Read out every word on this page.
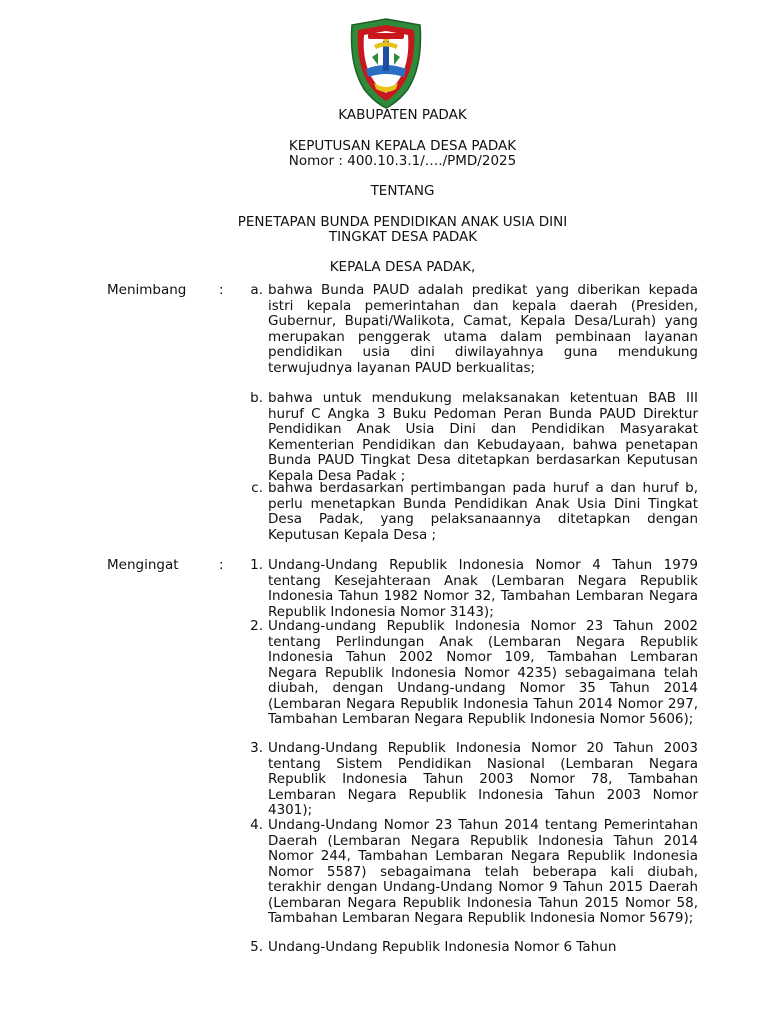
KABUPATEN PADAK
KEPUTUSAN KEPALA DESA PADAK
Nomor : 400.10.3.1/…./PMD/2025
TENTANG
PENETAPAN BUNDA PENDIDIKAN ANAK USIA DINI
TINGKAT DESA PADAK
KEPALA DESA PADAK,
Menimbang :	a. bahwa Bunda PAUD adalah predikat yang diberikan kepada istri kepala pemerintahan dan kepala daerah (Presiden, Gubernur, Bupati/Walikota, Camat, Kepala Desa/Lurah) yang merupakan penggerak utama dalam pembinaan layanan pendidikan usia dini diwilayahnya guna mendukung terwujudnya layanan PAUD berkualitas;
b. bahwa untuk mendukung melaksanakan ketentuan BAB III huruf C Angka 3 Buku Pedoman Peran Bunda PAUD Direktur Pendidikan Anak Usia Dini dan Pendidikan Masyarakat Kementerian Pendidikan dan Kebudayaan, bahwa penetapan Bunda PAUD Tingkat Desa ditetapkan berdasarkan Keputusan Kepala Desa Padak ;
c. bahwa berdasarkan pertimbangan pada huruf a dan huruf b, perlu menetapkan Bunda Pendidikan Anak Usia Dini Tingkat Desa Padak, yang pelaksanaannya ditetapkan dengan Keputusan Kepala Desa ;
Mengingat	:	1. Undang-Undang Republik Indonesia Nomor 4 Tahun 1979 tentang Kesejahteraan Anak (Lembaran Negara Republik Indonesia Tahun 1982 Nomor 32, Tambahan Lembaran Negara Republik Indonesia Nomor 3143);
2. Undang-undang Republik Indonesia Nomor 23 Tahun 2002 tentang Perlindungan Anak (Lembaran Negara Republik Indonesia Tahun 2002 Nomor 109, Tambahan Lembaran Negara Republik Indonesia Nomor 4235) sebagaimana telah diubah, dengan Undang-undang Nomor 35 Tahun 2014 (Lembaran Negara Republik Indonesia Tahun 2014 Nomor 297, Tambahan Lembaran Negara Republik Indonesia Nomor 5606);
3. Undang-Undang Republik Indonesia Nomor 20 Tahun 2003 tentang Sistem Pendidikan Nasional (Lembaran Negara Republik Indonesia Tahun 2003 Nomor 78, Tambahan Lembaran Negara Republik Indonesia Tahun 2003 Nomor 4301);
4. Undang-Undang Nomor 23 Tahun 2014 tentang Pemerintahan Daerah (Lembaran Negara Republik Indonesia Tahun 2014 Nomor 244, Tambahan Lembaran Negara Republik Indonesia Nomor 5587) sebagaimana telah beberapa kali diubah, terakhir dengan Undang-Undang Nomor 9 Tahun 2015 Daerah (Lembaran Negara Republik Indonesia Tahun 2015 Nomor 58, Tambahan Lembaran Negara Republik Indonesia Nomor 5679);
5. Undang-Undang Republik Indonesia Nomor 6 Tahun
